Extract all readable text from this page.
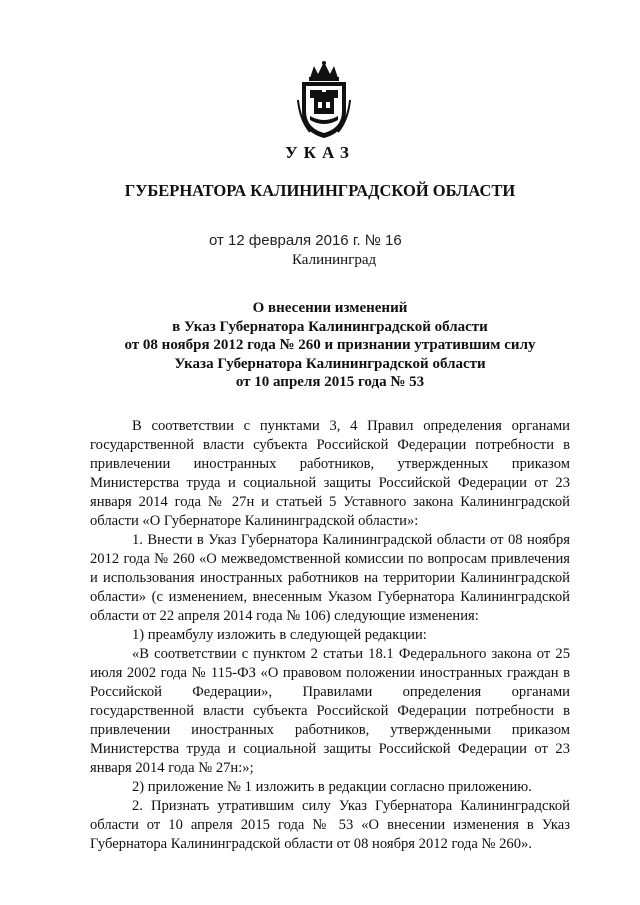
УКАЗ
ГУБЕРНАТОРА КАЛИНИНГРАДСКОЙ ОБЛАСТИ
от 12 февраля 2016 г. № 16
Калининград
О внесении изменений
в Указ Губернатора Калининградской области
от 08 ноября 2012 года № 260 и признании утратившим силу
Указа Губернатора Калининградской области
от 10 апреля 2015 года № 53
В соответствии с пунктами 3, 4 Правил определения органами государственной власти субъекта Российской Федерации потребности в привлечении иностранных работников, утвержденных приказом Министерства труда и социальной защиты Российской Федерации от 23 января 2014 года № 27н и статьей 5 Уставного закона Калининградской области «О Губернаторе Калининградской области»:
1. Внести в Указ Губернатора Калининградской области от 08 ноября 2012 года № 260 «О межведомственной комиссии по вопросам привлечения и использования иностранных работников на территории Калининградской области» (с изменением, внесенным Указом Губернатора Калининградской области от 22 апреля 2014 года № 106) следующие изменения:
1) преамбулу изложить в следующей редакции:
«В соответствии с пунктом 2 статьи 18.1 Федерального закона от 25 июля 2002 года № 115-ФЗ «О правовом положении иностранных граждан в Российской Федерации», Правилами определения органами государственной власти субъекта Российской Федерации потребности в привлечении иностранных работников, утвержденными приказом Министерства труда и социальной защиты Российской Федерации от 23 января 2014 года № 27н:»;
2) приложение № 1 изложить в редакции согласно приложению.
2. Признать утратившим силу Указ Губернатора Калининградской области от 10 апреля 2015 года № 53 «О внесении изменения в Указ Губернатора Калининградской области от 08 ноября 2012 года № 260».
